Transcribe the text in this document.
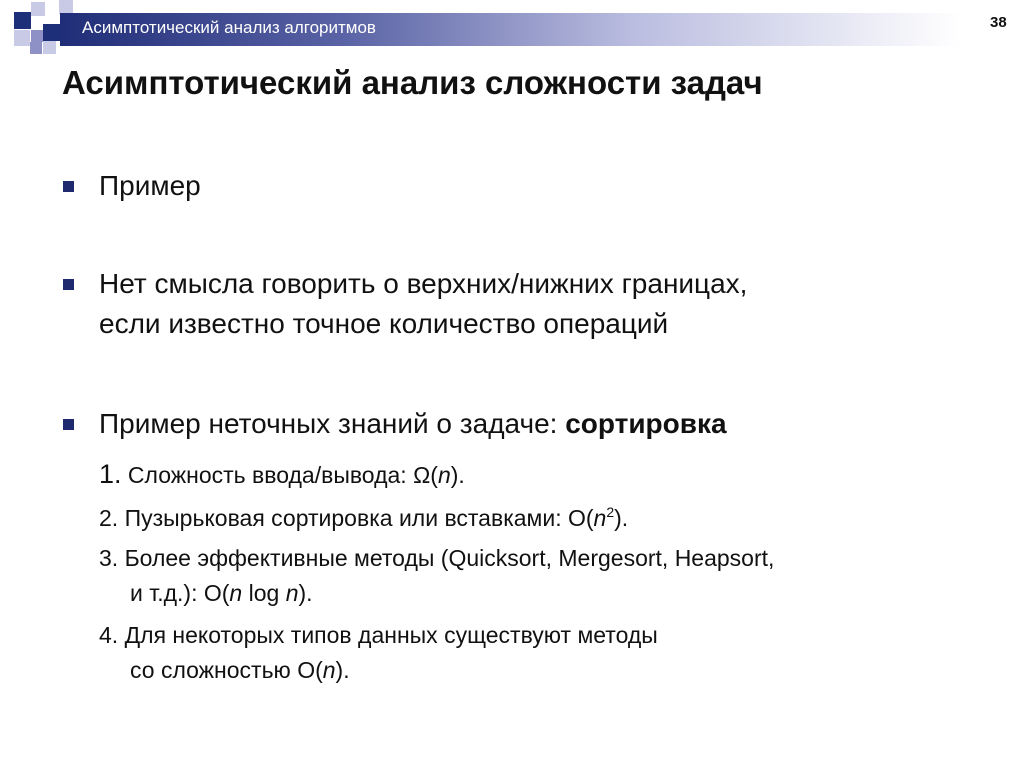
Асимптотический анализ алгоритмов	38
Асимптотический анализ сложности задач
Пример
Нет смысла говорить о верхних/нижних границах,
если известно точное количество операций
Пример неточных знаний о задаче: сортировка
1. Сложность ввода/вывода: Ω(n).
2. Пузырьковая сортировка или вставками: $O(n^2)$.
3. Более эффективные методы (Quicksort, Mergesort, Heapsort,
и т.д.): O(n log n).
4. Для некоторых типов данных существуют методы
со сложностью O(n).
